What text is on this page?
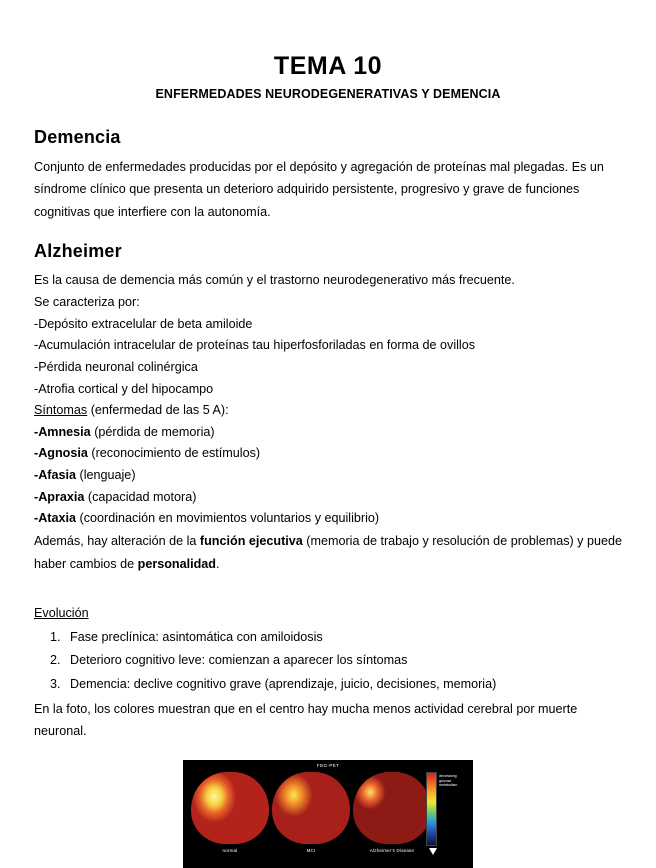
TEMA 10
ENFERMEDADES NEURODEGENERATIVAS Y DEMENCIA
Demencia

Conjunto de enfermedades producidas por el depósito y agregación de proteínas mal plegadas. Es un síndrome clínico que presenta un deterioro adquirido persistente, progresivo y grave de funciones cognitivas que interfiere con la autonomía.

Alzheimer

Es la causa de demencia más común y el trastorno neurodegenerativo más frecuente.

Se caracteriza por:

-Depósito extracelular de beta amiloide

-Acumulación intracelular de proteínas tau hiperfosforiladas en forma de ovillos

-Pérdida neuronal colinérgica

-Atrofia cortical y del hipocampo

Síntomas (enfermedad de las 5 A):

-Amnesia (pérdida de memoria)

-Agnosia (reconocimiento de estímulos)

-Afasia (lenguaje)

-Apraxia (capacidad motora)

-Ataxia (coordinación en movimientos voluntarios y equilibrio)

Además, hay alteración de la función ejecutiva (memoria de trabajo y resolución de problemas) y puede haber cambios de personalidad.

Evolución

1. Fase preclínica: asintomática con amiloidosis
2. Deterioro cognitivo leve: comienzan a aparecer los síntomas
3. Demencia: declive cognitivo grave (aprendizaje, juicio, decisiones, memoria)

En la foto, los colores muestran que en el centro hay mucha menos actividad cerebral por muerte neuronal.

FDG-PET
decreasing glucose metabolism
normal	MCI	Alzheimer's Disease
